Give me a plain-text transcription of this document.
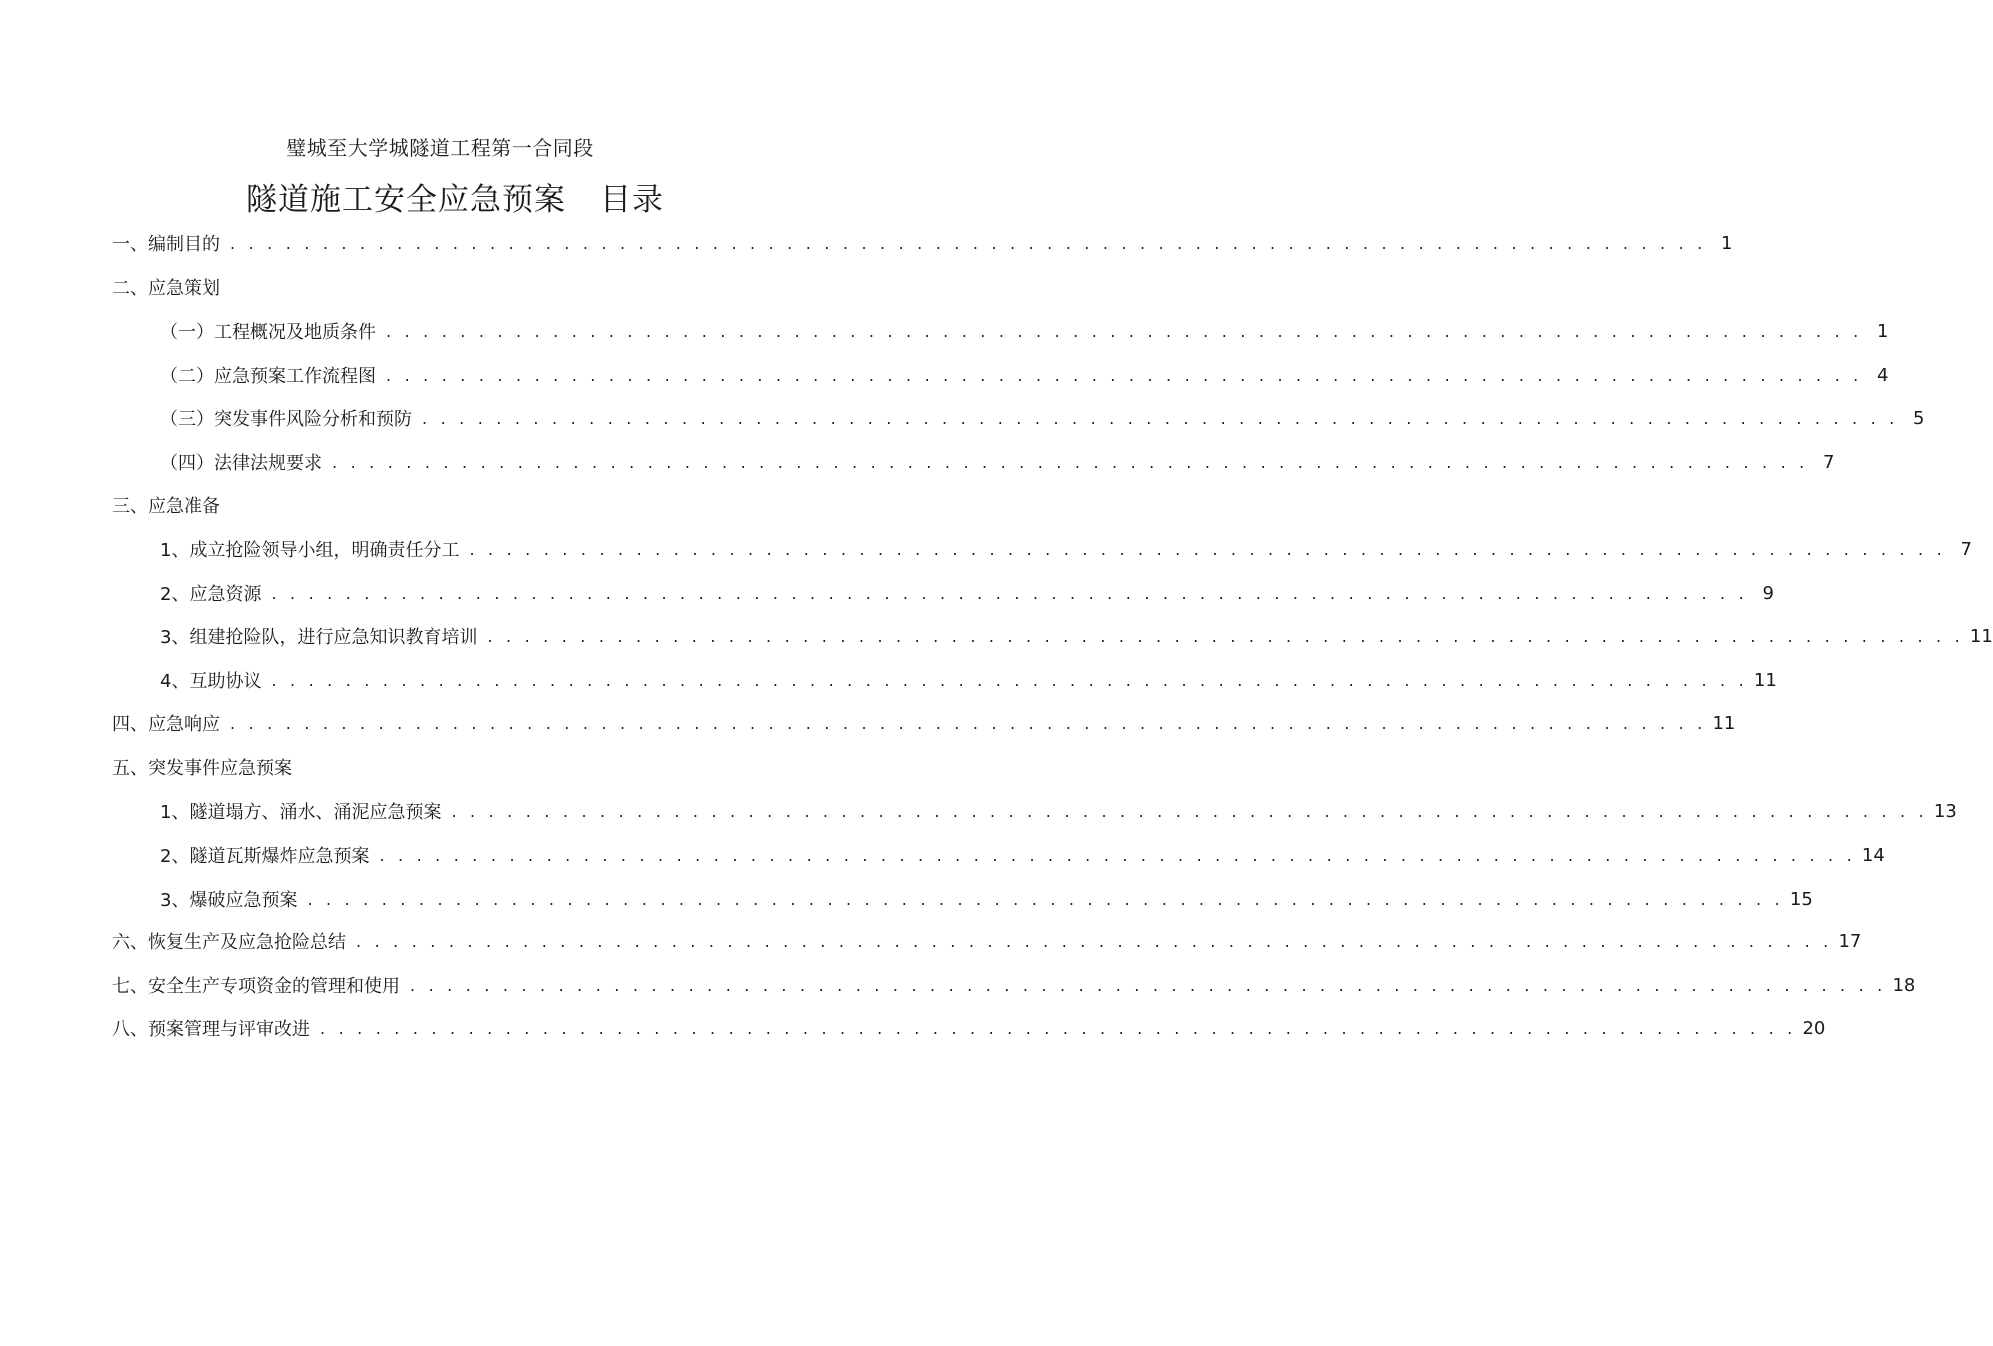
璧城至大学城隧道工程第一合同段
隧道施工安全应急预案 目录
一、编制目的 . . . . . . . . . . . . . . . . . . . . . . . . . . . . . . . . . . . . . . . . . . . . . . . . . . . . . . . . . . . . . . . . . . . . . . . . . . . . . . . . 1
二、应急策划
（一）工程概况及地质条件 . . . . . . . . . . . . . . . . . . . . . . . . . . . . . . . . . . . . . . . . . . . . . . . . . . . . . . . . . . . . . . . . . . . . . . . . . . . . . . . . 1
（二）应急预案工作流程图 . . . . . . . . . . . . . . . . . . . . . . . . . . . . . . . . . . . . . . . . . . . . . . . . . . . . . . . . . . . . . . . . . . . . . . . . . . . . . . . . 4
（三）突发事件风险分析和预防 . . . . . . . . . . . . . . . . . . . . . . . . . . . . . . . . . . . . . . . . . . . . . . . . . . . . . . . . . . . . . . . . . . . . . . . . . . . . . . . . 5
（四）法律法规要求 . . . . . . . . . . . . . . . . . . . . . . . . . . . . . . . . . . . . . . . . . . . . . . . . . . . . . . . . . . . . . . . . . . . . . . . . . . . . . . . . 7
三、应急准备
1、成立抢险领导小组，明确责任分工 . . . . . . . . . . . . . . . . . . . . . . . . . . . . . . . . . . . . . . . . . . . . . . . . . . . . . . . . . . . . . . . . . . . . . . . . . . . . . . . . 7
2、应急资源 . . . . . . . . . . . . . . . . . . . . . . . . . . . . . . . . . . . . . . . . . . . . . . . . . . . . . . . . . . . . . . . . . . . . . . . . . . . . . . . . 9
3、组建抢险队，进行应急知识教育培训 . . . . . . . . . . . . . . . . . . . . . . . . . . . . . . . . . . . . . . . . . . . . . . . . . . . . . . . . . . . . . . . . . . . . . . . . . . . . . . . . 11
4、互助协议 . . . . . . . . . . . . . . . . . . . . . . . . . . . . . . . . . . . . . . . . . . . . . . . . . . . . . . . . . . . . . . . . . . . . . . . . . . . . . . . . 11
四、应急响应 . . . . . . . . . . . . . . . . . . . . . . . . . . . . . . . . . . . . . . . . . . . . . . . . . . . . . . . . . . . . . . . . . . . . . . . . . . . . . . . . 11
五、突发事件应急预案
1、隧道塌方、涌水、涌泥应急预案 . . . . . . . . . . . . . . . . . . . . . . . . . . . . . . . . . . . . . . . . . . . . . . . . . . . . . . . . . . . . . . . . . . . . . . . . . . . . . . . . 13
2、隧道瓦斯爆炸应急预案 . . . . . . . . . . . . . . . . . . . . . . . . . . . . . . . . . . . . . . . . . . . . . . . . . . . . . . . . . . . . . . . . . . . . . . . . . . . . . . . . 14
3、爆破应急预案 . . . . . . . . . . . . . . . . . . . . . . . . . . . . . . . . . . . . . . . . . . . . . . . . . . . . . . . . . . . . . . . . . . . . . . . . . . . . . . . . 15
六、恢复生产及应急抢险总结 . . . . . . . . . . . . . . . . . . . . . . . . . . . . . . . . . . . . . . . . . . . . . . . . . . . . . . . . . . . . . . . . . . . . . . . . . . . . . . . . 17
七、安全生产专项资金的管理和使用 . . . . . . . . . . . . . . . . . . . . . . . . . . . . . . . . . . . . . . . . . . . . . . . . . . . . . . . . . . . . . . . . . . . . . . . . . . . . . . . . 18
八、预案管理与评审改进 . . . . . . . . . . . . . . . . . . . . . . . . . . . . . . . . . . . . . . . . . . . . . . . . . . . . . . . . . . . . . . . . . . . . . . . . . . . . . . . . 20
